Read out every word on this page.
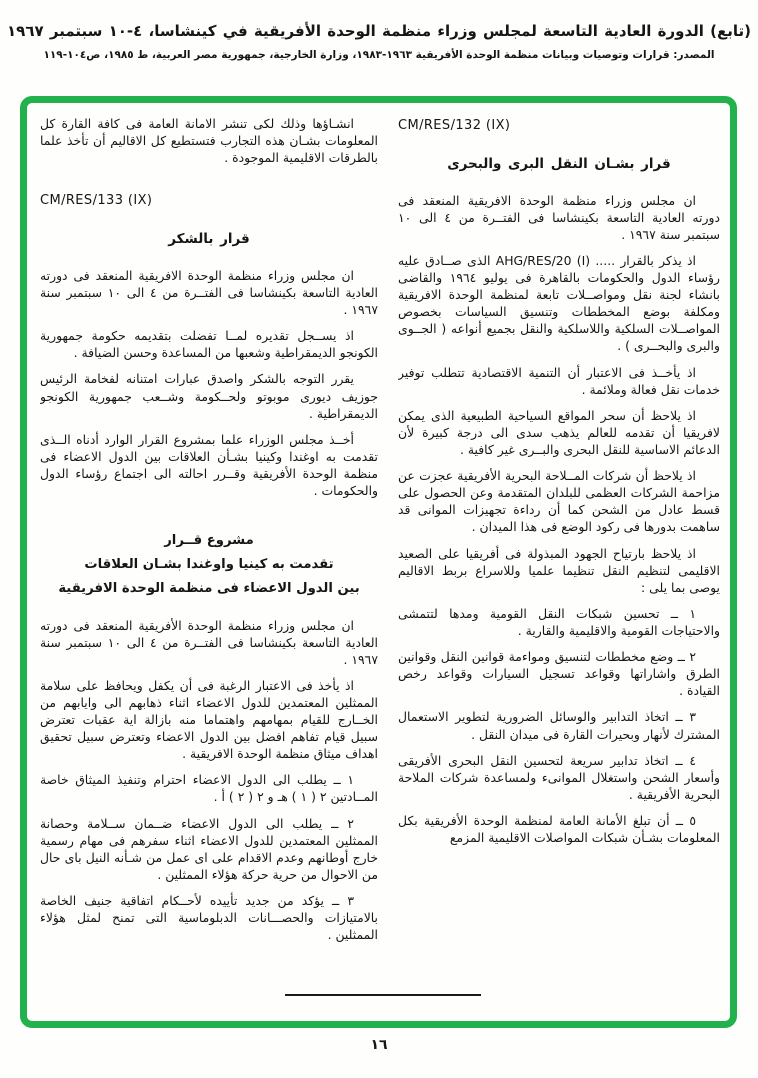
(تابع) الدورة العادية التاسعة لمجلس وزراء منظمة الوحدة الأفريقية في كينشاسا، ٤-١٠ سبتمبر ١٩٦٧
المصدر: قرارات وتوصيات وبيانات منظمة الوحدة الأفريقية ١٩٦٣-١٩٨٣، وزارة الخارجية، جمهورية مصر العربية، ط ١٩٨٥، ص١٠٤-١١٩
CM/RES/132 (IX)
قرار بشـان النقل البرى والبحرى
ان مجلس وزراء منظمة الوحدة الافريقية المنعقد فى دورته العادية التاسعة بكينشاسا فى الفتــرة من ٤ الى ١٠ سبتمبر سنة ١٩٦٧ .
اذ يذكر بالقرار ..... AHG/RES/20 (I) الذى صــادق عليه رؤساء الدول والحكومات بالقاهرة فى يوليو ١٩٦٤ والقاضى بانشاء لجنة نقل ومواصــلات تابعة لمنظمة الوحدة الافريقية ومكلفة بوضع المخططات وتنسيق السياسات بخصوص المواصــلات السلكية واللاسلكية والنقل بجميع أنواعه ( الجــوى والبرى والبحــرى ) .
اذ يأخــذ فى الاعتبار أن التنمية الاقتصادية تتطلب توفير خدمات نقل فعالة وملائمة .
اذ يلاحظ أن سحر المواقع السياحية الطبيعية الذى يمكن لافريقيا أن تقدمه للعالم يذهب سدى الى درجة كبيرة لأن الدعائم الاساسية للنقل البحرى والبــرى غير كافية .
اذ يلاحظ أن شركات المــلاحة البحرية الأفريقية عجزت عن مزاحمة الشركات العظمى للبلدان المتقدمة وعن الحصول على قسط عادل من الشحن كما أن رداءة تجهيزات الموانى قد ساهمت بدورها فى ركود الوضع فى هذا الميدان .
اذ يلاحظ بارتياح الجهود المبذولة فى أفريقيا على الصعيد الاقليمى لتنظيم النقل تنظيما علميا وللاسراع بربط الاقاليم يوصى بما يلى :
١ ــ تحسين شبكات النقل القومية ومدها لتتمشى والاحتياجات القومية والاقليمية والقارية .
٢ ــ وضع مخططات لتنسيق ومواءمة قوانين النقل وقوانين الطرق واشاراتها وقواعد تسجيل السيارات وقواعد رخص القيادة .
٣ ــ اتخاذ التدابير والوسائل الضرورية لتطوير الاستعمال المشترك لأنهار وبحيرات القارة فى ميدان النقل .
٤ ــ اتخاذ تدابير سريعة لتحسين النقل البحرى الأفريقى وأسعار الشحن واستغلال الموانىء ولمساعدة شركات الملاحة البحرية الأفريقية .
٥ ــ أن تبلغ الأمانة العامة لمنظمة الوحدة الأفريقية بكل المعلومات بشـأن شبكات المواصلات الاقليمية المزمع
انشـاؤها وذلك لكى تنشر الامانة العامة فى كافة القارة كل المعلومات بشـان هذه التجارب فتستطيع كل الاقاليم أن تأخذ علما بالطرقات الاقليمية الموجودة .
CM/RES/133 (IX)
قرار بالشكر
ان مجلس وزراء منظمة الوحدة الافريقية المنعقد فى دورته العادية التاسعة بكينشاسا فى الفتــرة من ٤ الى ١٠ سبتمبر سنة ١٩٦٧ .
اذ يســجل تقديره لمــا تفضلت بتقديمه حكومة جمهورية الكونجو الديمقراطية وشعبها من المساعدة وحسن الضيافة .
يقرر التوجه بالشكر واصدق عبارات امتنانه لفخامة الرئيس جوزيف ديورى موبوتو ولحــكومة وشــعب جمهورية الكونجو الديمقراطية .
أخــذ مجلس الوزراء علما بمشروع القرار الوارد أدناه الــذى تقدمت به اوغندا وكينيا بشـأن العلاقات بين الدول الاعضاء فى منظمة الوحدة الأفريقية وقــرر احالته الى اجتماع رؤساء الدول والحكومات .
مشروع قــرار
تقدمت به كينيا واوغندا بشـان العلاقات
بين الدول الاعضاء فى منظمة الوحدة الافريقية
ان مجلس وزراء منظمة الوحدة الأفريقية المنعقد فى دورته العادية التاسعة بكينشاسا فى الفتــرة من ٤ الى ١٠ سبتمبر سنة ١٩٦٧ .
اذ يأخذ فى الاعتبار الرغبة فى أن يكفل ويحافظ على سلامة الممثلين المعتمدين للدول الاعضاء اثناء ذهابهم الى وايابهم من الخــارج للقيام بمهامهم واهتماما منه بازالة اية عقبات تعترض سبيل قيام تفاهم افضل بين الدول الاعضاء وتعترض سبيل تحقيق اهداف ميثاق منظمة الوحدة الافريقية .
١ ــ يطلب الى الدول الاعضاء احترام وتنفيذ الميثاق خاصة المــادتين ٢ ( ١ ) هـ و ٢ ( ٢ ) أ .
٢ ــ يطلب الى الدول الاعضاء ضــمان ســلامة وحصانة الممثلين المعتمدين للدول الاعضاء اثناء سفرهم فى مهام رسمية خارج أوطانهم وعدم الاقدام على اى عمل من شـأنه النيل باى حال من الاحوال من حرية حركة هؤلاء الممثلين .
٣ ــ يؤكد من جديد تأييده لأحــكام اتفاقية جنيف الخاصة بالامتيازات والحصـــانات الدبلوماسية التى تمنح لمثل هؤلاء الممثلين .
١٦
